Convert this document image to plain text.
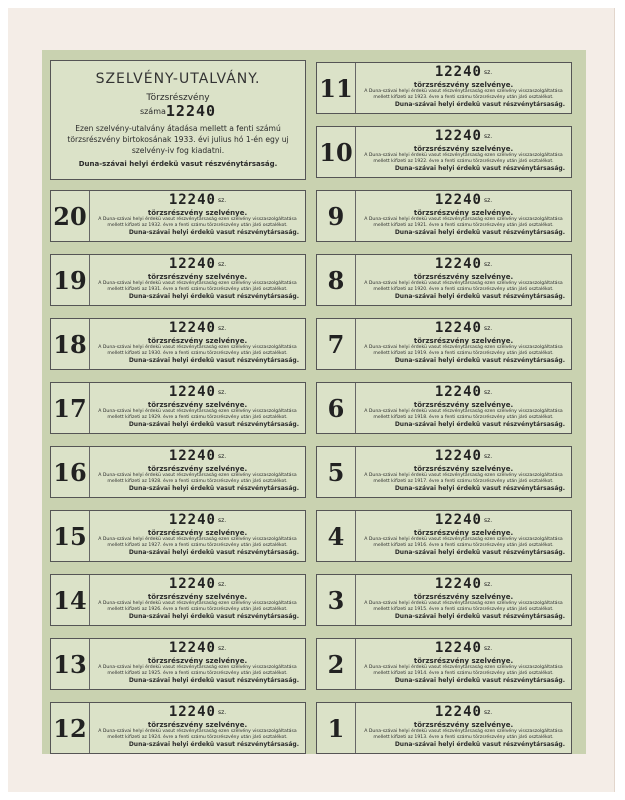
SZELVÉNY-UTALVÁNY.
Törzsrészvény
száma12240
Ezen szelvény-utalvány átadása mellett a fenti számú törzsrészvény birtokosának 1933. évi julius hó 1-én egy uj szelvény-iv fog kiadatni.
Duna-szávai helyi érdekü vasut részvénytársaság.
20
12240 sz.
törzsrészvény szelvénye.
A Duna-szávai helyi érdekü vasut részvénytársaság ezen szelvény visszaszolgáltatása mellett kifizeti az 1932. évre a fenti számu törzsrészvény után járó osztalékot.
Duna-szávai helyi érdekü vasut részvénytársaság.
19
12240 sz.
törzsrészvény szelvénye.
A Duna-szávai helyi érdekü vasut részvénytársaság ezen szelvény visszaszolgáltatása mellett kifizeti az 1931. évre a fenti számu törzsrészvény után járó osztalékot.
Duna-szávai helyi érdekü vasut részvénytársaság.
18
12240 sz.
törzsrészvény szelvénye.
A Duna-szávai helyi érdekü vasut részvénytársaság ezen szelvény visszaszolgáltatása mellett kifizeti az 1930. évre a fenti számu törzsrészvény után járó osztalékot.
Duna-szávai helyi érdekü vasut részvénytársaság.
17
12240 sz.
törzsrészvény szelvénye.
A Duna-szávai helyi érdekü vasut részvénytársaság ezen szelvény visszaszolgáltatása mellett kifizeti az 1929. évre a fenti számu törzsrészvény után járó osztalékot.
Duna-szávai helyi érdekü vasut részvénytársaság.
16
12240 sz.
törzsrészvény szelvénye.
A Duna-szávai helyi érdekü vasut részvénytársaság ezen szelvény visszaszolgáltatása mellett kifizeti az 1928. évre a fenti számu törzsrészvény után járó osztalékot.
Duna-szávai helyi érdekü vasut részvénytársaság.
15
12240 sz.
törzsrészvény szelvénye.
A Duna-szávai helyi érdekü vasut részvénytársaság ezen szelvény visszaszolgáltatása mellett kifizeti az 1927. évre a fenti számu törzsrészvény után járó osztalékot.
Duna-szávai helyi érdekü vasut részvénytársaság.
14
12240 sz.
törzsrészvény szelvénye.
A Duna-szávai helyi érdekü vasut részvénytársaság ezen szelvény visszaszolgáltatása mellett kifizeti az 1926. évre a fenti számu törzsrészvény után járó osztalékot.
Duna-szávai helyi érdekü vasut részvénytársaság.
13
12240 sz.
törzsrészvény szelvénye.
A Duna-szávai helyi érdekü vasut részvénytársaság ezen szelvény visszaszolgáltatása mellett kifizeti az 1925. évre a fenti számu törzsrészvény után járó osztalékot.
Duna-szávai helyi érdekü vasut részvénytársaság.
12
12240 sz.
törzsrészvény szelvénye.
A Duna-szávai helyi érdekü vasut részvénytársaság ezen szelvény visszaszolgáltatása mellett kifizeti az 1924. évre a fenti számu törzsrészvény után járó osztalékot.
Duna-szávai helyi érdekü vasut részvénytársaság.
11
12240 sz.
törzsrészvény szelvénye.
A Duna-szávai helyi érdekü vasut részvénytársaság ezen szelvény visszaszolgáltatása mellett kifizeti az 1923. évre a fenti számu törzsrészvény után járó osztalékot.
Duna-szávai helyi érdekü vasut részvénytársaság.
10
12240 sz.
törzsrészvény szelvénye.
A Duna-szávai helyi érdekü vasut részvénytársaság ezen szelvény visszaszolgáltatása mellett kifizeti az 1922. évre a fenti számu törzsrészvény után járó osztalékot.
Duna-szávai helyi érdekü vasut részvénytársaság.
9
12240 sz.
törzsrészvény szelvénye.
A Duna-szávai helyi érdekü vasut részvénytársaság ezen szelvény visszaszolgáltatása mellett kifizeti az 1921. évre a fenti számu törzsrészvény után járó osztalékot.
Duna-szávai helyi érdekü vasut részvénytársaság.
8
12240 sz.
törzsrészvény szelvénye.
A Duna-szávai helyi érdekü vasut részvénytársaság ezen szelvény visszaszolgáltatása mellett kifizeti az 1920. évre a fenti számu törzsrészvény után járó osztalékot.
Duna-szávai helyi érdekü vasut részvénytársaság.
7
12240 sz.
törzsrészvény szelvénye.
A Duna-szávai helyi érdekü vasut részvénytársaság ezen szelvény visszaszolgáltatása mellett kifizeti az 1919. évre a fenti számu törzsrészvény után járó osztalékot.
Duna-szávai helyi érdekü vasut részvénytársaság.
6
12240 sz.
törzsrészvény szelvénye.
A Duna-szávai helyi érdekü vasut részvénytársaság ezen szelvény visszaszolgáltatása mellett kifizeti az 1918. évre a fenti számu törzsrészvény után járó osztalékot.
Duna-szávai helyi érdekü vasut részvénytársaság.
5
12240 sz.
törzsrészvény szelvénye.
A Duna-szávai helyi érdekü vasut részvénytársaság ezen szelvény visszaszolgáltatása mellett kifizeti az 1917. évre a fenti számu törzsrészvény után járó osztalékot.
Duna-szávai helyi érdekü vasut részvénytársaság.
4
12240 sz.
törzsrészvény szelvénye.
A Duna-szávai helyi érdekü vasut részvénytársaság ezen szelvény visszaszolgáltatása mellett kifizeti az 1916. évre a fenti számu törzsrészvény után járó osztalékot.
Duna-szávai helyi érdekü vasut részvénytársaság.
3
12240 sz.
törzsrészvény szelvénye.
A Duna-szávai helyi érdekü vasut részvénytársaság ezen szelvény visszaszolgáltatása mellett kifizeti az 1915. évre a fenti számu törzsrészvény után járó osztalékot.
Duna-szávai helyi érdekü vasut részvénytársaság.
2
12240 sz.
törzsrészvény szelvénye.
A Duna-szávai helyi érdekü vasut részvénytársaság ezen szelvény visszaszolgáltatása mellett kifizeti az 1914. évre a fenti számu törzsrészvény után járó osztalékot.
Duna-szávai helyi érdekü vasut részvénytársaság.
1
12240 sz.
törzsrészvény szelvénye.
A Duna-szávai helyi érdekü vasut részvénytársaság ezen szelvény visszaszolgáltatása mellett kifizeti az 1913. évre a fenti számu törzsrészvény után járó osztalékot.
Duna-szávai helyi érdekü vasut részvénytársaság.
